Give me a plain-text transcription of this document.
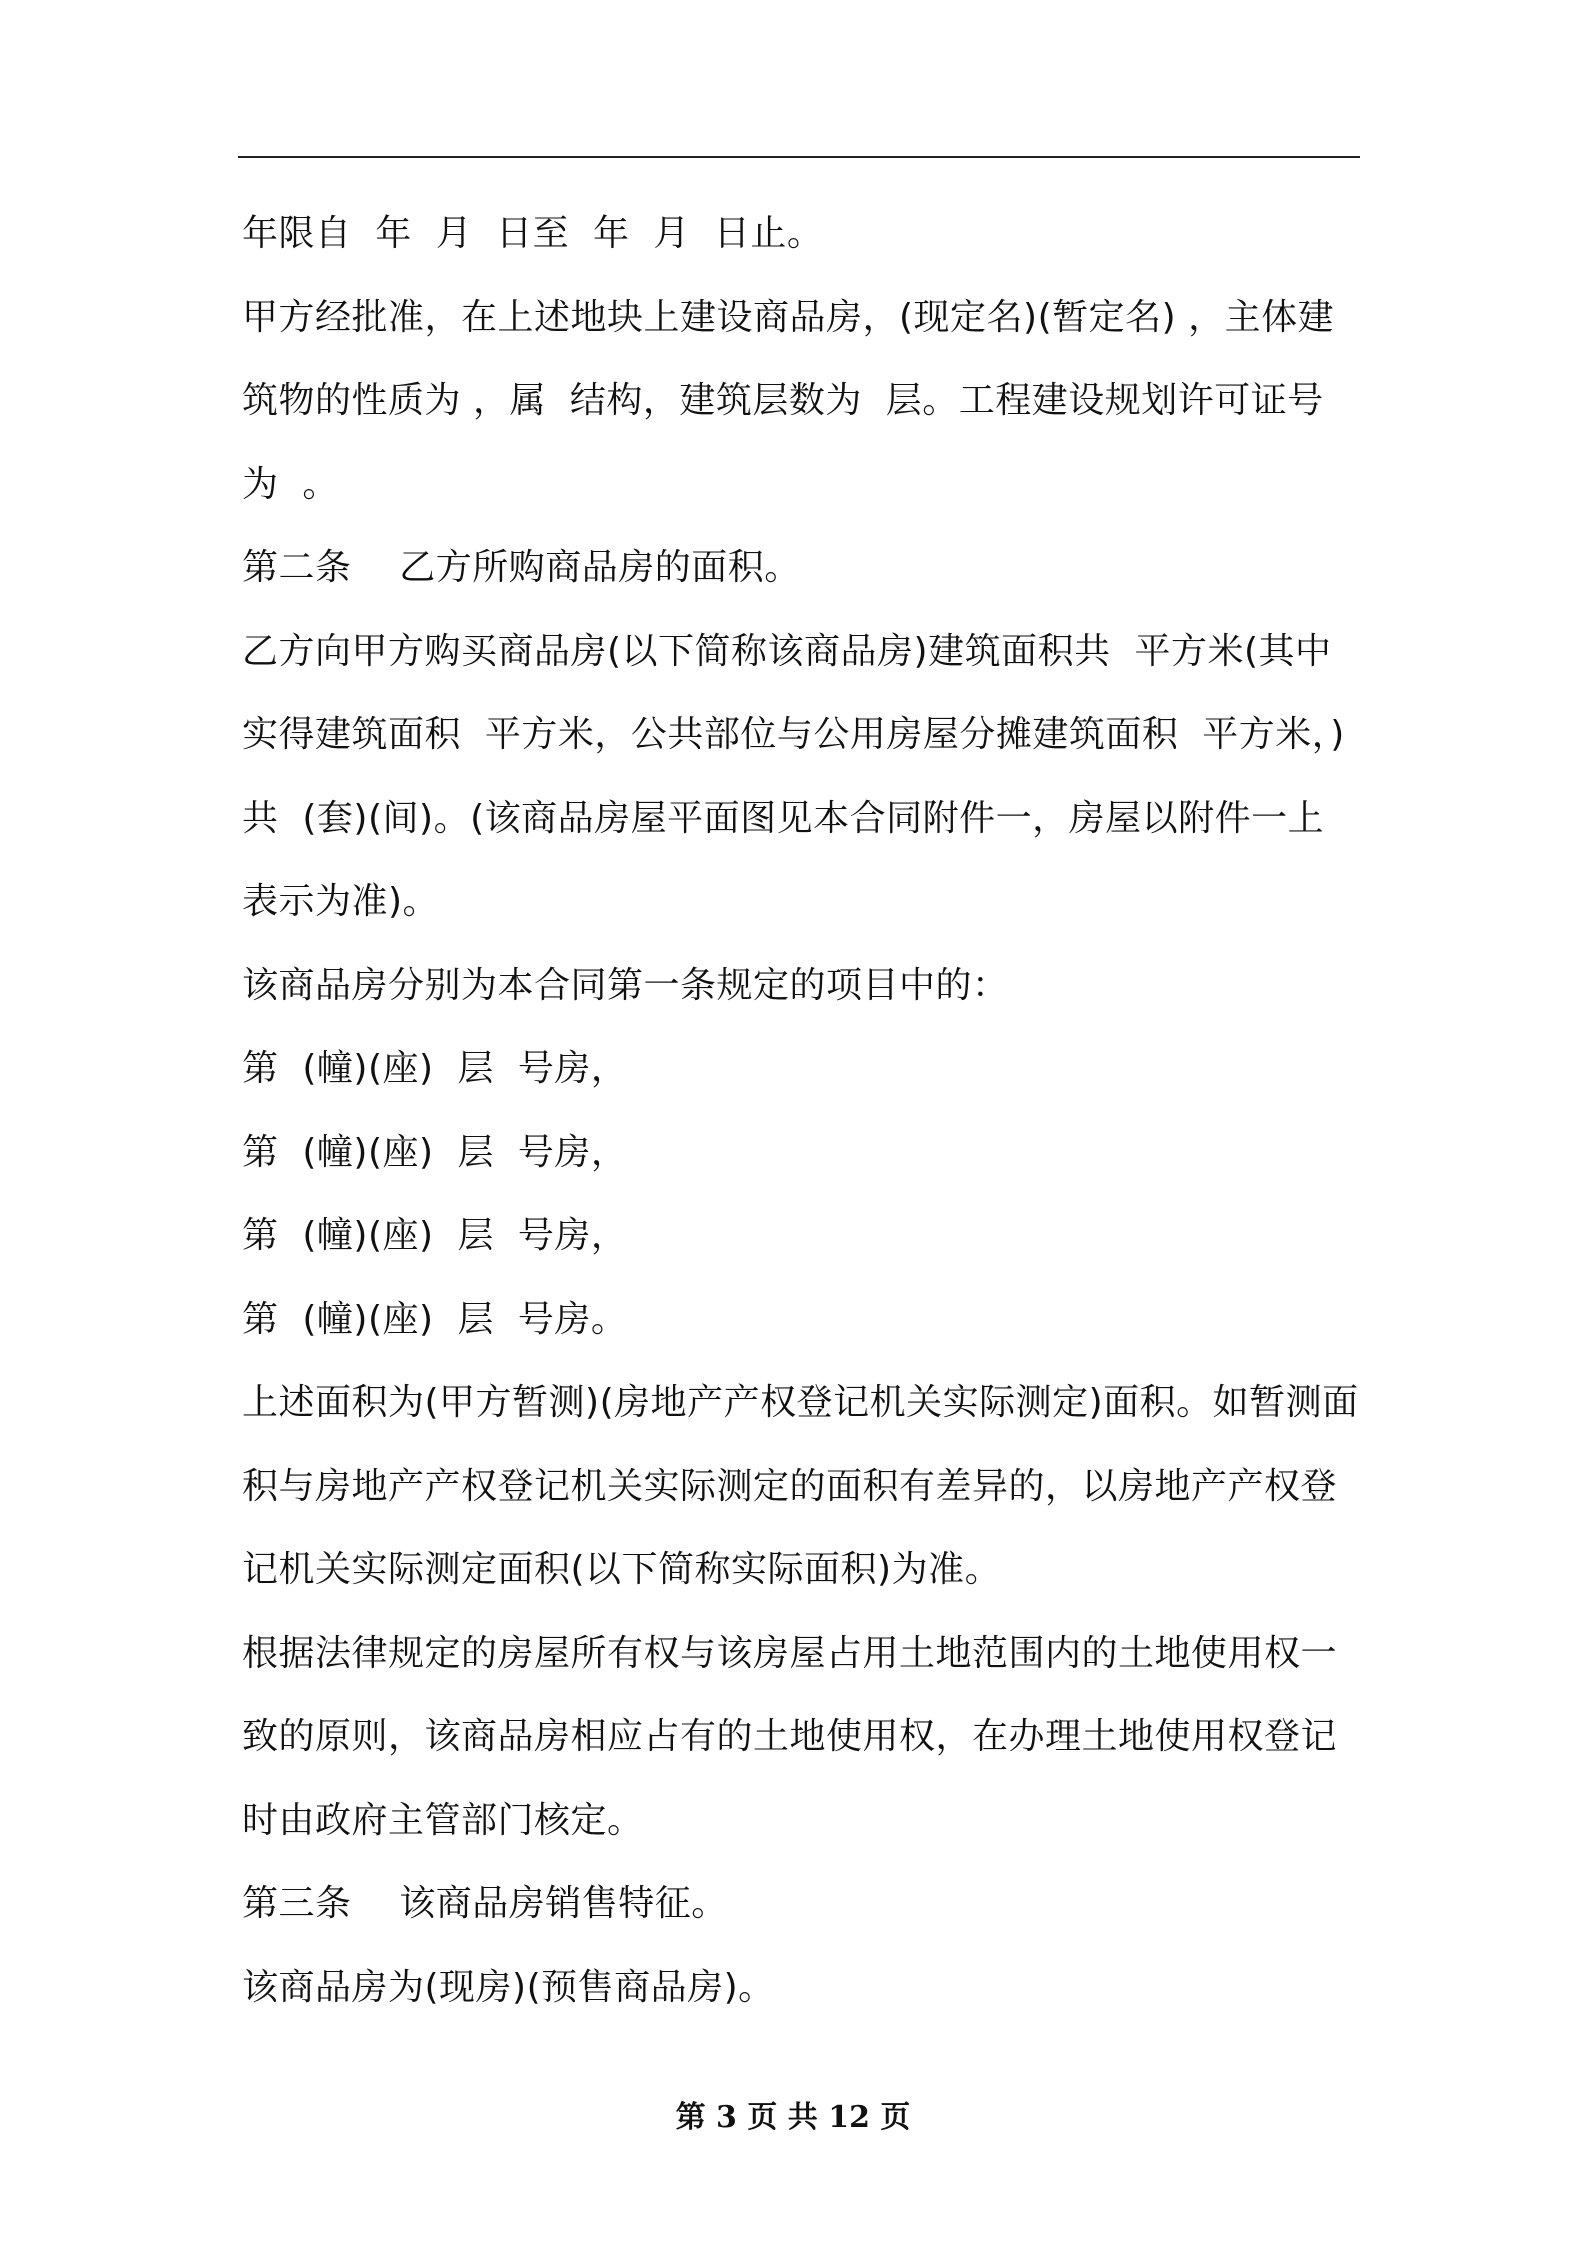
年限自  年  月  日至  年  月  日止。

甲方经批准，在上述地块上建设商品房，(现定名)(暂定名) ，主体建筑物的性质为 ，属  结构，建筑层数为  层。工程建设规划许可证号为  。

第二条    乙方所购商品房的面积。

乙方向甲方购买商品房(以下简称该商品房)建筑面积共  平方米(其中实得建筑面积  平方米，公共部位与公用房屋分摊建筑面积  平方米，)共  (套)(间)。(该商品房屋平面图见本合同附件一，房屋以附件一上表示为准)。

该商品房分别为本合同第一条规定的项目中的：

第  (幢)(座)  层  号房，

第  (幢)(座)  层  号房，

第  (幢)(座)  层  号房，

第  (幢)(座)  层  号房。

上述面积为(甲方暂测)(房地产产权登记机关实际测定)面积。如暂测面积与房地产产权登记机关实际测定的面积有差异的，以房地产产权登记机关实际测定面积(以下简称实际面积)为准。

根据法律规定的房屋所有权与该房屋占用土地范围内的土地使用权一致的原则，该商品房相应占有的土地使用权，在办理土地使用权登记时由政府主管部门核定。

第三条    该商品房销售特征。

该商品房为(现房)(预售商品房)。

第 3 页 共 12 页
